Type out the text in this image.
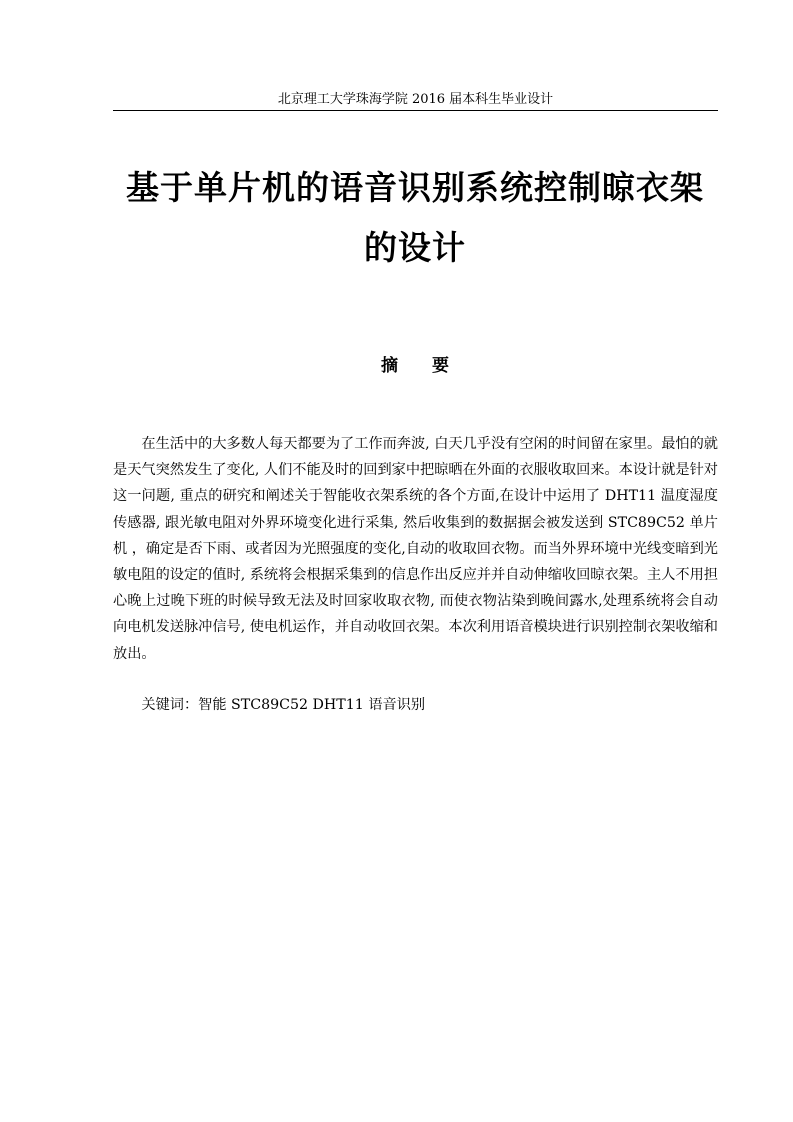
北京理工大学珠海学院 2016 届本科生毕业设计
基于单片机的语音识别系统控制晾衣架
的设计
摘 要

在生活中的大多数人每天都要为了工作而奔波, 白天几乎没有空闲的时间留在家里。最怕的就是天气突然发生了变化, 人们不能及时的回到家中把晾晒在外面的衣服收取回来。本设计就是针对这一问题, 重点的研究和阐述关于智能收衣架系统的各个方面,在设计中运用了 DHT11 温度湿度传感器, 跟光敏电阻对外界环境变化进行采集, 然后收集到的数据据会被发送到 STC89C52 单片机 ，确定是否下雨、或者因为光照强度的变化,自动的收取回衣物。而当外界环境中光线变暗到光敏电阻的设定的值时, 系统将会根据采集到的信息作出反应并并自动伸缩收回晾衣架。主人不用担心晚上过晚下班的时候导致无法及时回家收取衣物, 而使衣物沾染到晚间露水,处理系统将会自动向电机发送脉冲信号, 使电机运作，并自动收回衣架。本次利用语音模块进行识别控制衣架收缩和放出。

关键词：智能 STC89C52 DHT11 语音识别
